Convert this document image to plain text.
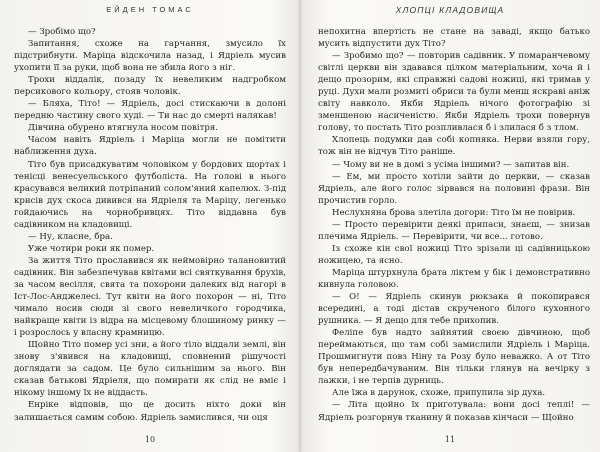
ЕЙДЕН ТОМАС

— Зробімо що?

Запитання, схоже на гарчання, змусило їх підстрибнути. Маріца відскочила назад, і Ядріель мусив ухопити її за руки, щоб вона не збила його з ніг.

Трохи віддалік, позаду їх невеликим надгробком персикового кольору, стояв чоловік.

— Бляха, Тіто! — Ядріель, досі стискаючи в долоні передню частину свого худі. — Ти нас до смерті налякав!

Дівчина обурено втягнула носом повітря.

Часом навіть Ядріель і Маріца могли не помітити наближення духа.

Тіто був присадкуватим чоловіком у бордових шортах і тенісці венесуельського футболіста. На голові в нього красувався великий потріпаний солом'яний капелюх. З-під крисів дух скоса дивився на Ядріеля та Маріцу, легенько гойдаючись на чорнобривцях. Тіто віддавна був садівником на кладовищі.

— Ну, класне, бра.

Уже чотири роки як помер.

За життя Тіто прославився як неймовірно талановитий садівник. Він забезпечував квітами всі святкування брухів, за часом весілля, свята та похорони далеких від нагорі в Іст-Лос-Анджелесі. Тут квіти на його похорон — ні, Тіто чимало носив сюди зі свого невеличкого городчика, найкраще квіти із відра на місцевому блошиному ринку — і розрослось у власну крамницю.

Щойно Тіто помер усі зни, а його тіло віддали землі, він знову з'явився на кладовищі, сповнений рішучості доглядати за садом. Це було сильнішим за нього. Він сказав батькові Ядріеля, що помирати як слід не вміє і нікому іншому їх не віддасть.

Енріке відповів, що це досить ніхто доки він залишається самим собою. Ядріель замислився, чи оця

10
ХЛОПЦІ КЛАДОВИЩА

непохитна впертість не стане на заваді, якщо батько мусить відпустити дух Тіто?

— Зробимо що? — повторив садівник. У помаранчевому світлі церкви він здавався цілком матеріальним, хоча й і дещо прозорим, які справжні садові ножиці, які тримав у руці. Духи мали розмиті обриси та були менш яскраві аніж світу навколо. Якби Ядріель нічого фотографію зі зменшеною насиченістю. Якби Ядріель трохи повернув голову, то постать Тіто розпливлася б і злилася б з тлом.

Хлопець подумки дав собі копняка. Нерви взяли гору, тож він не відчув Тіто раніше.

— Чому ви не в домі з усіма іншими? — запитав він.

— Ем, ми просто хотіли зайти до церкви, — сказав Ядріель, але його голос зірвався на половині фрази. Він прочистив горло.

Неслухняна брова злетіла догори: Тіто їм не повірив.

— Просто перевірити деякі припаси, знаєш, — знизав плечима Ядріель. — Перевірити, чи все... готово.

Із схоже кін свої ножиці Тіто зрізали ці садівницькою ножицею, та ясно.

Маріца штурхнула брата ліктем у бік і демонстративно кивнула головою.

— О! — Ядріель скинув рюкзака й покопирався всередині, а тоді дістав скрученого білого кухонного рушника. — Я дещо для тебе прихопив.

Феліпе був надто зайнятий своєю дівчиною, щоб переймаються, що там собі замислили Ядріель і Маріца. Прошмигнути повз Ніну та Розу було неважко. А от Тіто був непередбачуваним. Він тільки глянув на вечірку з лажки, і не терпів дурниць.

Але їжа в дарунок, схоже, припупила зір духа.

— Літа щойно їх приготувала: вони досі теплі! — Ядріель розгорнув тканину й показав кінчаси — Щойно

11
